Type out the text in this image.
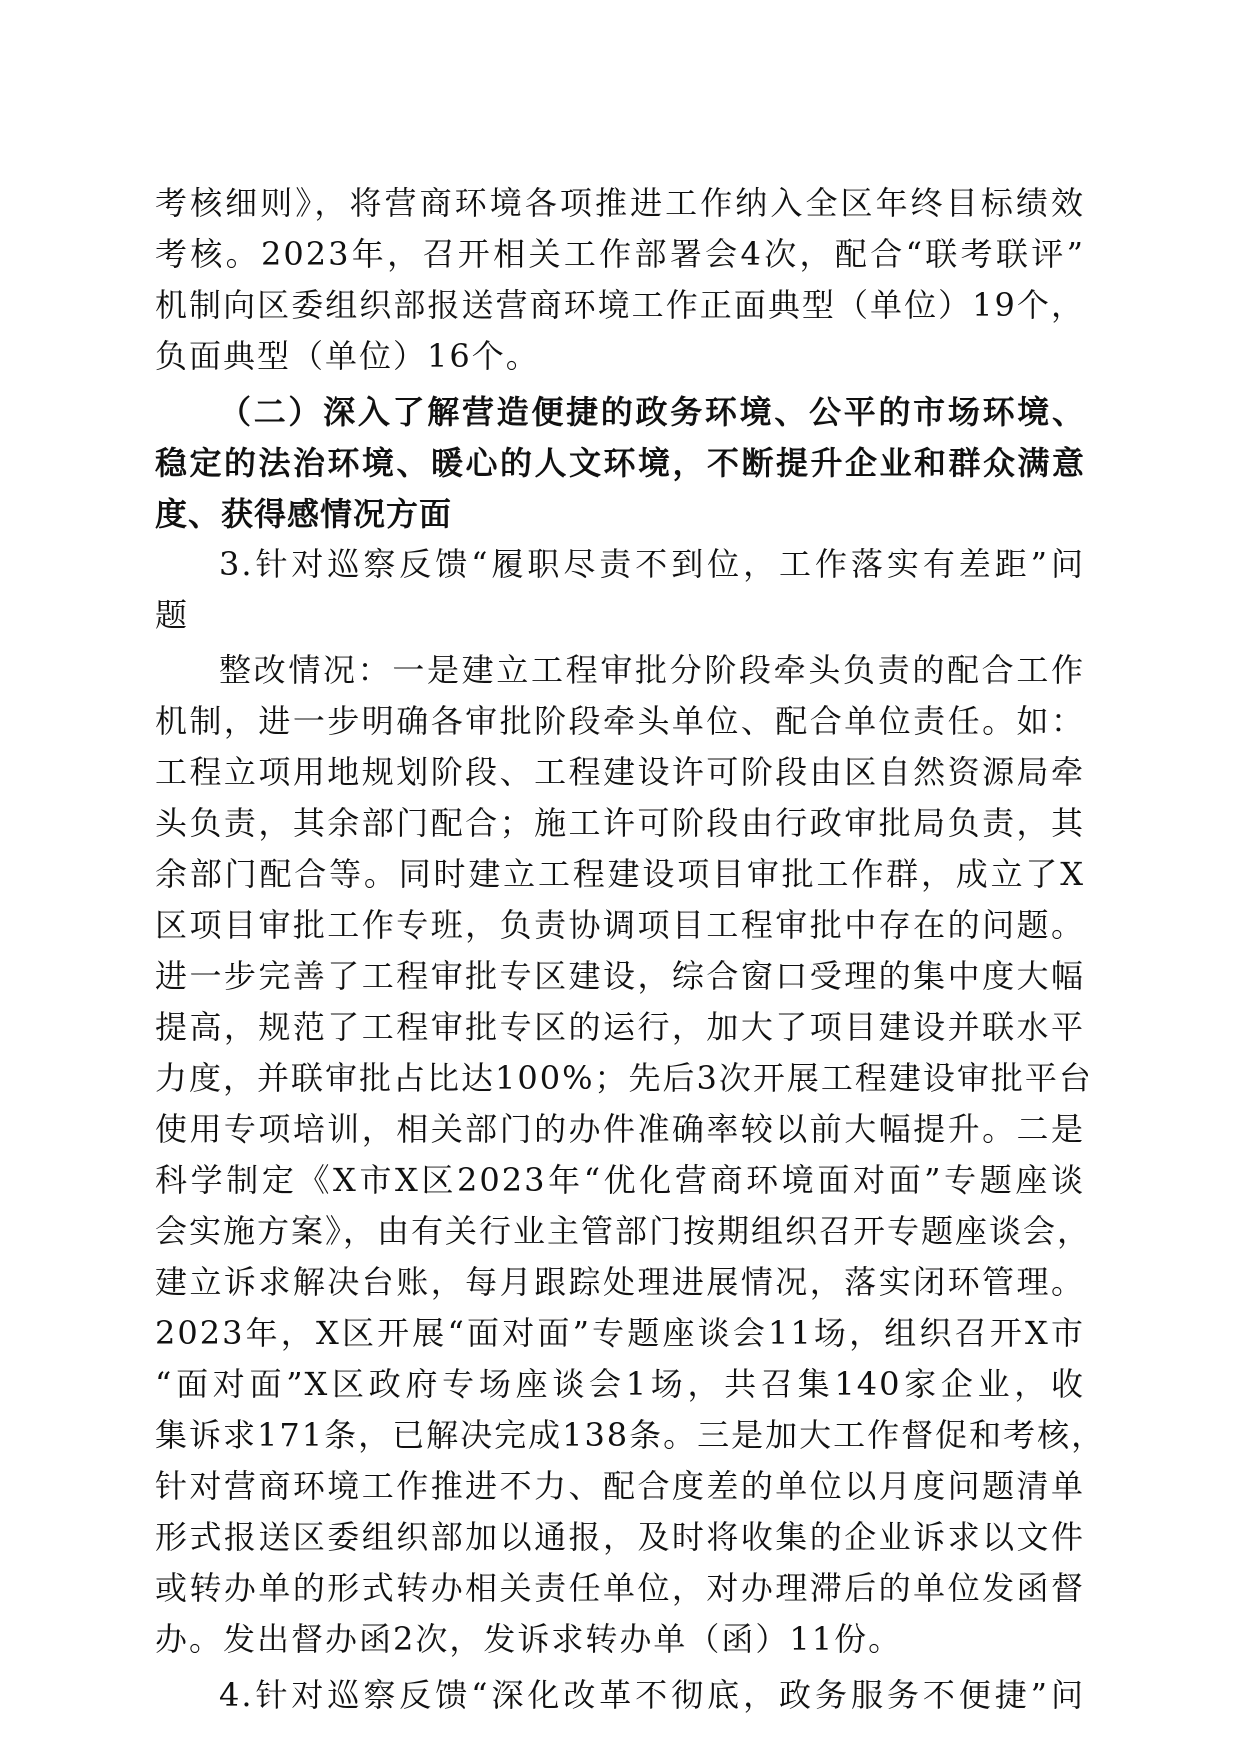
考核细则》，将营商环境各项推进工作纳入全区年终目标绩效
考核。2023年，召开相关工作部署会4次，配合“联考联评”
机制向区委组织部报送营商环境工作正面典型（单位）19个，
负面典型（单位）16个。
（二）深入了解营造便捷的政务环境、公平的市场环境、
稳定的法治环境、暖心的人文环境，不断提升企业和群众满意
度、获得感情况方面
3.针对巡察反馈“履职尽责不到位，工作落实有差距”问
题
整改情况：一是建立工程审批分阶段牵头负责的配合工作
机制，进一步明确各审批阶段牵头单位、配合单位责任。如：
工程立项用地规划阶段、工程建设许可阶段由区自然资源局牵
头负责，其余部门配合；施工许可阶段由行政审批局负责，其
余部门配合等。同时建立工程建设项目审批工作群，成立了X
区项目审批工作专班，负责协调项目工程审批中存在的问题。
进一步完善了工程审批专区建设，综合窗口受理的集中度大幅
提高，规范了工程审批专区的运行，加大了项目建设并联水平
力度，并联审批占比达100%；先后3次开展工程建设审批平台
使用专项培训，相关部门的办件准确率较以前大幅提升。二是
科学制定《X市X区2023年“优化营商环境面对面”专题座谈
会实施方案》，由有关行业主管部门按期组织召开专题座谈会，
建立诉求解决台账，每月跟踪处理进展情况，落实闭环管理。
2023年，X区开展“面对面”专题座谈会11场，组织召开X市
“面对面”X区政府专场座谈会1场，共召集140家企业，收
集诉求171条，已解决完成138条。三是加大工作督促和考核，
针对营商环境工作推进不力、配合度差的单位以月度问题清单
形式报送区委组织部加以通报，及时将收集的企业诉求以文件
或转办单的形式转办相关责任单位，对办理滞后的单位发函督
办。发出督办函2次，发诉求转办单（函）11份。
4.针对巡察反馈“深化改革不彻底，政务服务不便捷”问
